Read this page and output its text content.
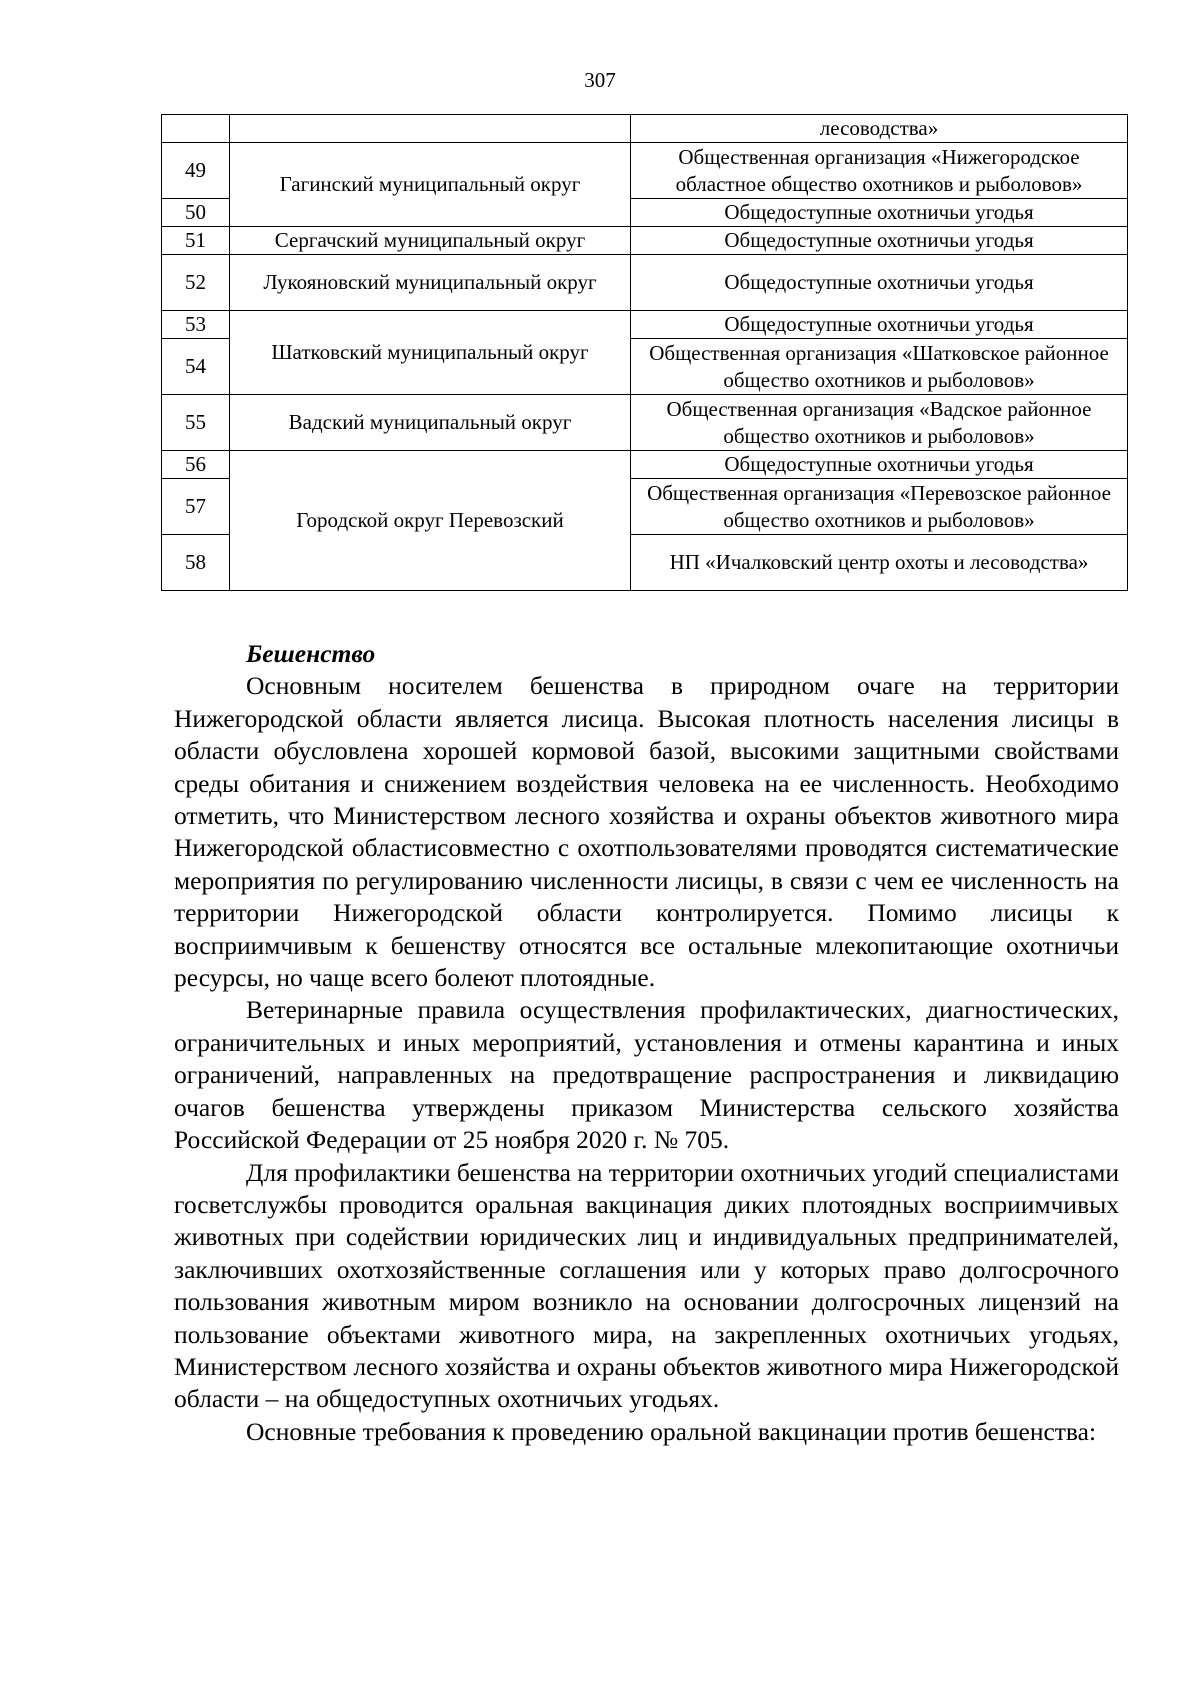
307
		лесоводства»
49	Гагинский муниципальный округ	Общественная организация «Нижегородское областное общество охотников и рыболовов»
50		Общедоступные охотничьи угодья
51	Сергачский муниципальный округ	Общедоступные охотничьи угодья
52	Лукояновский муниципальный округ	Общедоступные охотничьи угодья
53	Шатковский муниципальный округ	Общедоступные охотничьи угодья
54		Общественная организация «Шатковское районное общество охотников и рыболовов»
55	Вадский муниципальный округ	Общественная организация «Вадское районное общество охотников и рыболовов»
56	Городской округ Перевозский	Общедоступные охотничьи угодья
57		Общественная организация «Перевозское районное общество охотников и рыболовов»
58		НП «Ичалковский центр охоты и лесоводства»
Бешенство

Основным носителем бешенства в природном очаге на территории Нижегородской области является лисица. Высокая плотность населения лисицы в области обусловлена хорошей кормовой базой, высокими защитными свойствами среды обитания и снижением воздействия человека на ее численность. Необходимо отметить, что Министерством лесного хозяйства и охраны объектов животного мира Нижегородской областисовместно с охотпользователями проводятся систематические мероприятия по регулированию численности лисицы, в связи с чем ее численность на территории Нижегородской области контролируется. Помимо лисицы к восприимчивым к бешенству относятся все остальные млекопитающие охотничьи ресурсы, но чаще всего болеют плотоядные.

Ветеринарные правила осуществления профилактических, диагностических, ограничительных и иных мероприятий, установления и отмены карантина и иных ограничений, направленных на предотвращение распространения и ликвидацию очагов бешенства утверждены приказом Министерства сельского хозяйства Российской Федерации от 25 ноября 2020 г. № 705.

Для профилактики бешенства на территории охотничьих угодий специалистами госветслужбы проводится оральная вакцинация диких плотоядных восприимчивых животных при содействии юридических лиц и индивидуальных предпринимателей, заключивших охотхозяйственные соглашения или у которых право долгосрочного пользования животным миром возникло на основании долгосрочных лицензий на пользование объектами животного мира, на закрепленных охотничьих угодьях, Министерством лесного хозяйства и охраны объектов животного мира Нижегородской области – на общедоступных охотничьих угодьях.

Основные требования к проведению оральной вакцинации против бешенства:
